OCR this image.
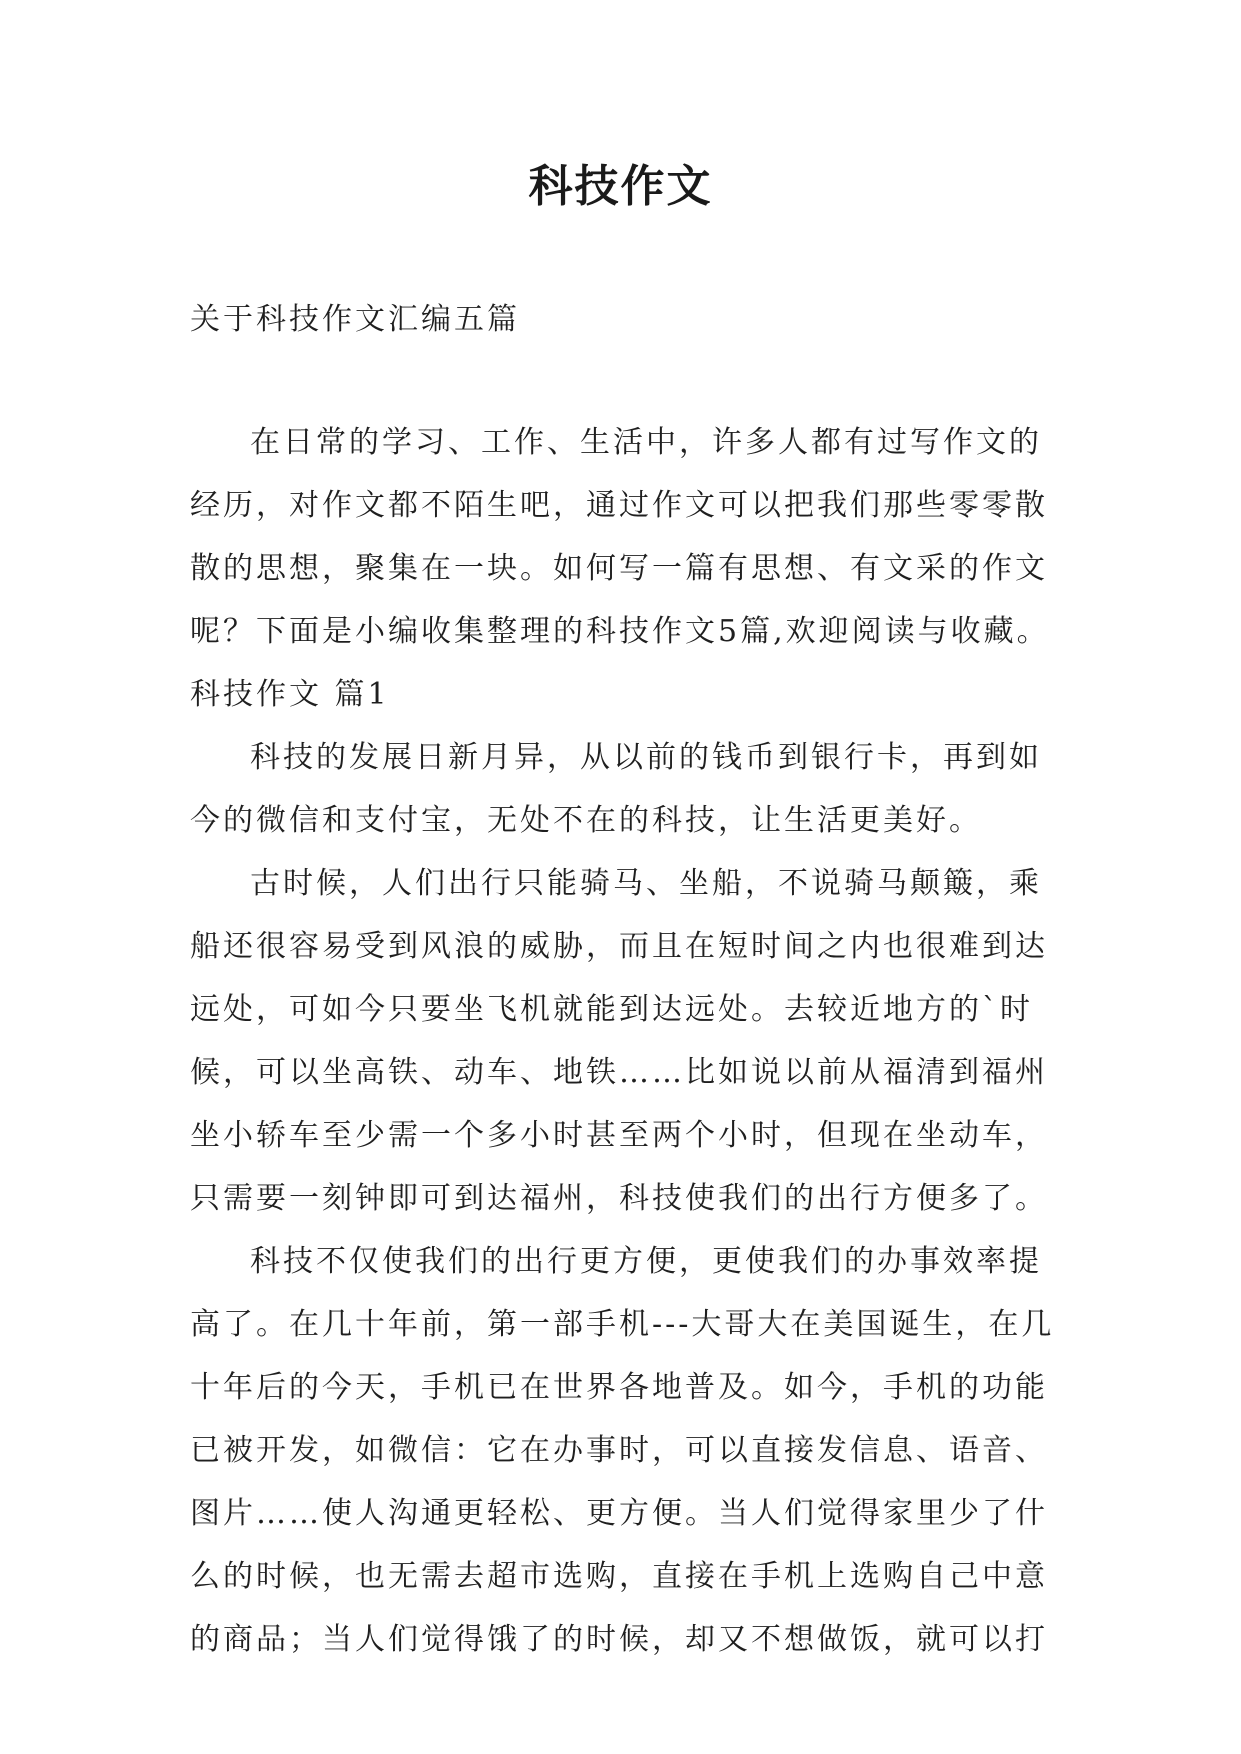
科技作文

关于科技作文汇编五篇

在日常的学习、工作、生活中，许多人都有过写作文的经历，对作文都不陌生吧，通过作文可以把我们那些零零散散的思想，聚集在一块。如何写一篇有思想、有文采的作文呢？下面是小编收集整理的科技作文5篇,欢迎阅读与收藏。

科技作文 篇1

科技的发展日新月异，从以前的钱币到银行卡，再到如今的微信和支付宝，无处不在的科技，让生活更美好。

古时候，人们出行只能骑马、坐船，不说骑马颠簸，乘船还很容易受到风浪的威胁，而且在短时间之内也很难到达远处，可如今只要坐飞机就能到达远处。去较近地方的`时候，可以坐高铁、动车、地铁……比如说以前从福清到福州坐小轿车至少需一个多小时甚至两个小时，但现在坐动车，只需要一刻钟即可到达福州，科技使我们的出行方便多了。

科技不仅使我们的出行更方便，更使我们的办事效率提高了。在几十年前，第一部手机---大哥大在美国诞生，在几十年后的今天，手机已在世界各地普及。如今，手机的功能已被开发，如微信：它在办事时，可以直接发信息、语音、图片……使人沟通更轻松、更方便。当人们觉得家里少了什么的时候，也无需去超市选购，直接在手机上选购自己中意的商品；当人们觉得饿了的时候，却又不想做饭，就可以打
